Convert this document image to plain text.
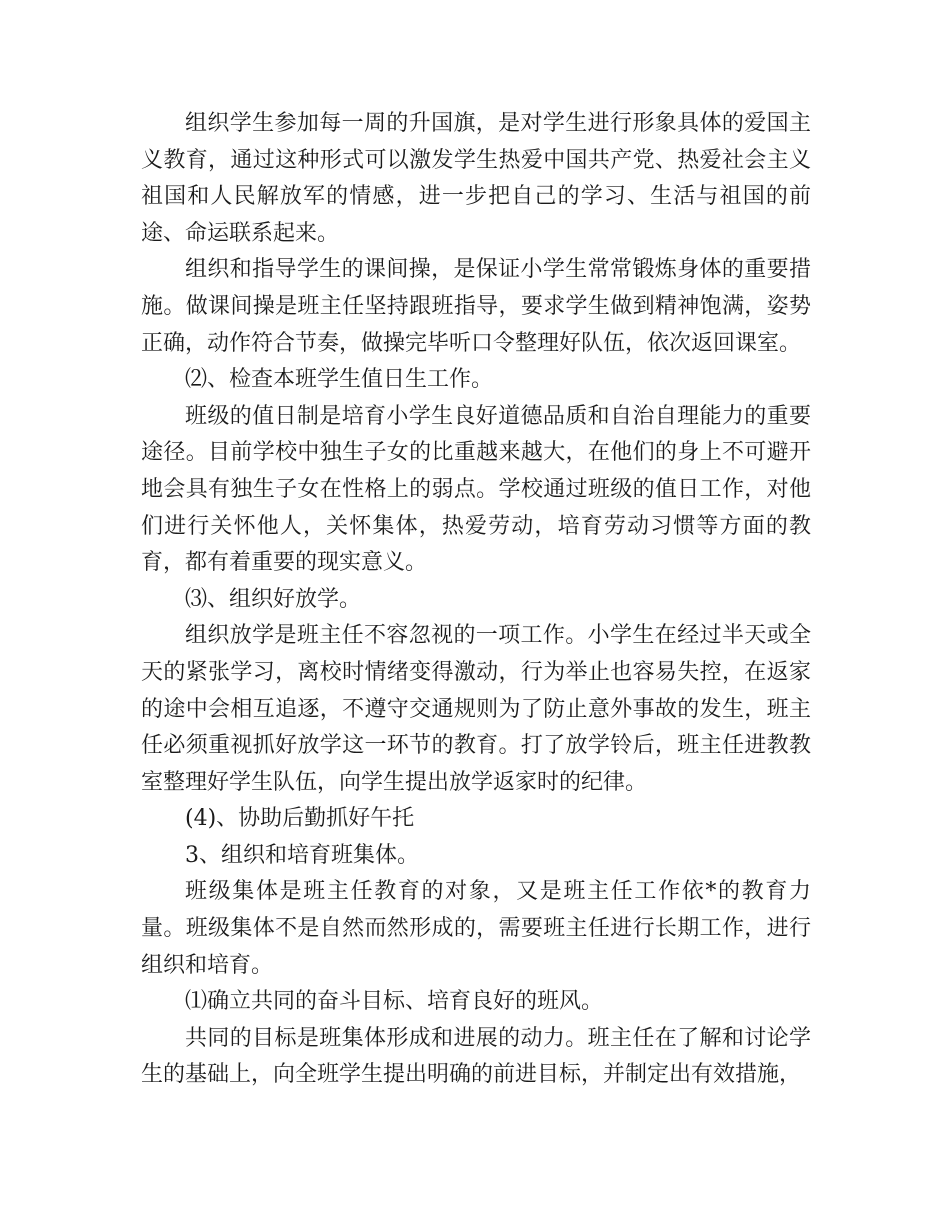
组织学生参加每一周的升国旗，是对学生进行形象具体的爱国主义教育，通过这种形式可以激发学生热爱中国共产党、热爱社会主义祖国和人民解放军的情感，进一步把自己的学习、生活与祖国的前途、命运联系起来。

组织和指导学生的课间操，是保证小学生常常锻炼身体的重要措施。做课间操是班主任坚持跟班指导，要求学生做到精神饱满，姿势正确，动作符合节奏，做操完毕听口令整理好队伍，依次返回课室。

⑵、检查本班学生值日生工作。

班级的值日制是培育小学生良好道德品质和自治自理能力的重要途径。目前学校中独生子女的比重越来越大，在他们的身上不可避开地会具有独生子女在性格上的弱点。学校通过班级的值日工作，对他们进行关怀他人，关怀集体，热爱劳动，培育劳动习惯等方面的教育，都有着重要的现实意义。

⑶、组织好放学。

组织放学是班主任不容忽视的一项工作。小学生在经过半天或全天的紧张学习，离校时情绪变得激动，行为举止也容易失控，在返家的途中会相互追逐，不遵守交通规则为了防止意外事故的发生，班主任必须重视抓好放学这一环节的教育。打了放学铃后，班主任进教教室整理好学生队伍，向学生提出放学返家时的纪律。

(4)、协助后勤抓好午托

3、组织和培育班集体。

班级集体是班主任教育的对象，又是班主任工作依*的教育力量。班级集体不是自然而然形成的，需要班主任进行长期工作，进行组织和培育。

⑴确立共同的奋斗目标、培育良好的班风。

共同的目标是班集体形成和进展的动力。班主任在了解和讨论学生的基础上，向全班学生提出明确的前进目标，并制定出有效措施，
